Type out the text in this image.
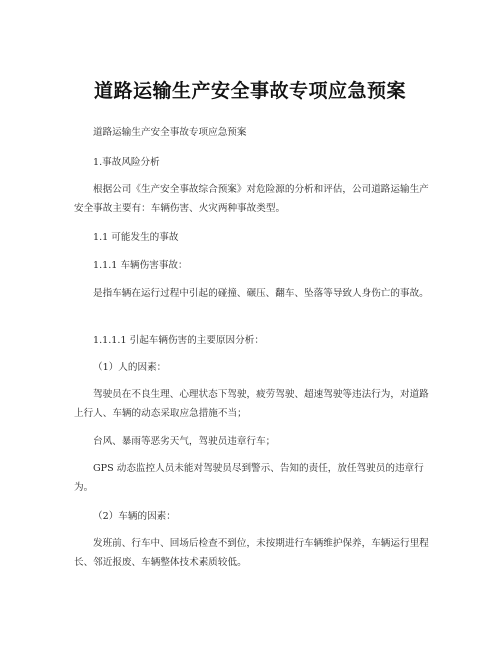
道路运输生产安全事故专项应急预案
道路运输生产安全事故专项应急预案
1.事故风险分析
根据公司《生产安全事故综合预案》对危险源的分析和评估，公司道路运输生产安全事故主要有：车辆伤害、火灾两种事故类型。
1.1 可能发生的事故
1.1.1 车辆伤害事故：
是指车辆在运行过程中引起的碰撞、碾压、翻车、坠落等导致人身伤亡的事故。
1.1.1.1 引起车辆伤害的主要原因分析：
（1）人的因素：
驾驶员在不良生理、心理状态下驾驶，疲劳驾驶、超速驾驶等违法行为，对道路上行人、车辆的动态采取应急措施不当；
台风、暴雨等恶劣天气，驾驶员违章行车；
GPS 动态监控人员未能对驾驶员尽到警示、告知的责任，放任驾驶员的违章行为。
（2）车辆的因素：
发班前、行车中、回场后检查不到位，未按期进行车辆维护保养，车辆运行里程长、邻近报废、车辆整体技术素质较低。
